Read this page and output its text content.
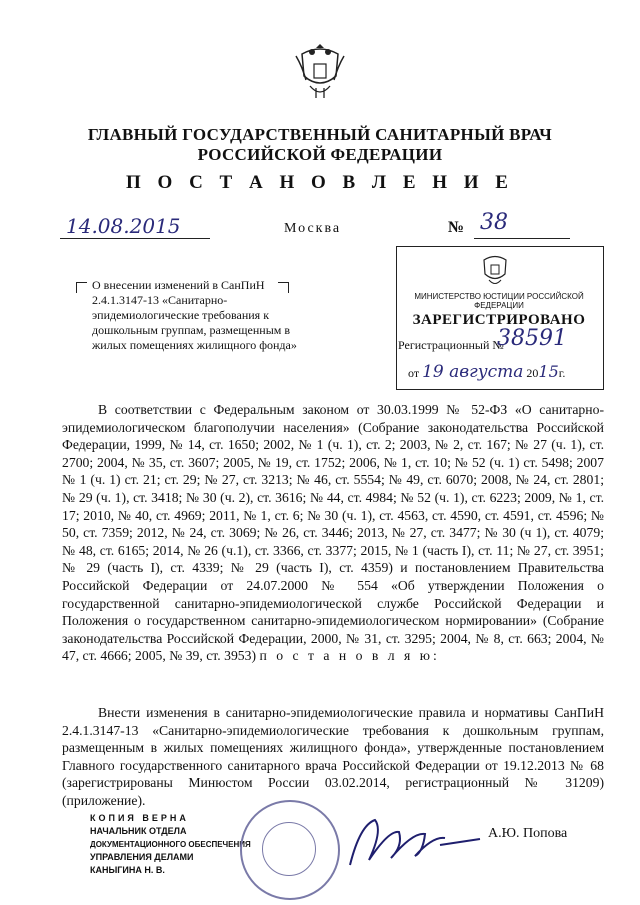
ГЛАВНЫЙ ГОСУДАРСТВЕННЫЙ САНИТАРНЫЙ ВРАЧ
РОССИЙСКОЙ ФЕДЕРАЦИИ
П О С Т А Н О В Л Е Н И Е
14.08.2015	Москва	№ 38
О внесении изменений в СанПиН 2.4.1.3147-13 «Санитарно-эпидемиологические требования к дошкольным группам, размещенным в жилых помещениях жилищного фонда»
МИНИСТЕРСТВО ЮСТИЦИИ РОССИЙСКОЙ ФЕДЕРАЦИИ
ЗАРЕГИСТРИРОВАНО
Регистрационный №
38591
от 19 августа 2015г.
В соответствии с Федеральным законом от 30.03.1999 № 52-ФЗ «О санитарно-эпидемиологическом благополучии населения» (Собрание законодательства Российской Федерации, 1999, № 14, ст. 1650; 2002, № 1 (ч. 1), ст. 2; 2003, № 2, ст. 167; № 27 (ч. 1), ст. 2700; 2004, № 35, ст. 3607; 2005, № 19, ст. 1752; 2006, № 1, ст. 10; № 52 (ч. 1) ст. 5498; 2007 № 1 (ч. 1) ст. 21; ст. 29; № 27, ст. 3213; № 46, ст. 5554; № 49, ст. 6070; 2008, № 24, ст. 2801; № 29 (ч. 1), ст. 3418; № 30 (ч. 2), ст. 3616; № 44, ст. 4984; № 52 (ч. 1), ст. 6223; 2009, № 1, ст. 17; 2010, № 40, ст. 4969; 2011, № 1, ст. 6; № 30 (ч. 1), ст. 4563, ст. 4590, ст. 4591, ст. 4596; № 50, ст. 7359; 2012, № 24, ст. 3069; № 26, ст. 3446; 2013, № 27, ст. 3477; № 30 (ч 1), ст. 4079; № 48, ст. 6165; 2014, № 26 (ч.1), ст. 3366, ст. 3377; 2015, № 1 (часть I), ст. 11; № 27, ст. 3951; № 29 (часть I), ст. 4339; № 29 (часть I), ст. 4359) и постановлением Правительства Российской Федерации от 24.07.2000 № 554 «Об утверждении Положения о государственной санитарно-эпидемиологической службе Российской Федерации и Положения о государственном санитарно-эпидемиологическом нормировании» (Собрание законодательства Российской Федерации, 2000, № 31, ст. 3295; 2004, № 8, ст. 663; 2004, № 47, ст. 4666; 2005, № 39, ст. 3953) п о с т а н о в л я ю:
Внести изменения в санитарно-эпидемиологические правила и нормативы СанПиН 2.4.1.3147-13 «Санитарно-эпидемиологические требования к дошкольным группам, размещенным в жилых помещениях жилищного фонда», утвержденные постановлением Главного государственного санитарного врача Российской Федерации от 19.12.2013 № 68 (зарегистрированы Минюстом России 03.02.2014, регистрационный № 31209) (приложение).
КОПИЯ ВЕРНА
НАЧАЛЬНИК ОТДЕЛА
ДОКУМЕНТАЦИОННОГО ОБЕСПЕЧЕНИЯ
УПРАВЛЕНИЯ ДЕЛАМИ
КАНЫГИНА Н. В.
А.Ю. Попова
